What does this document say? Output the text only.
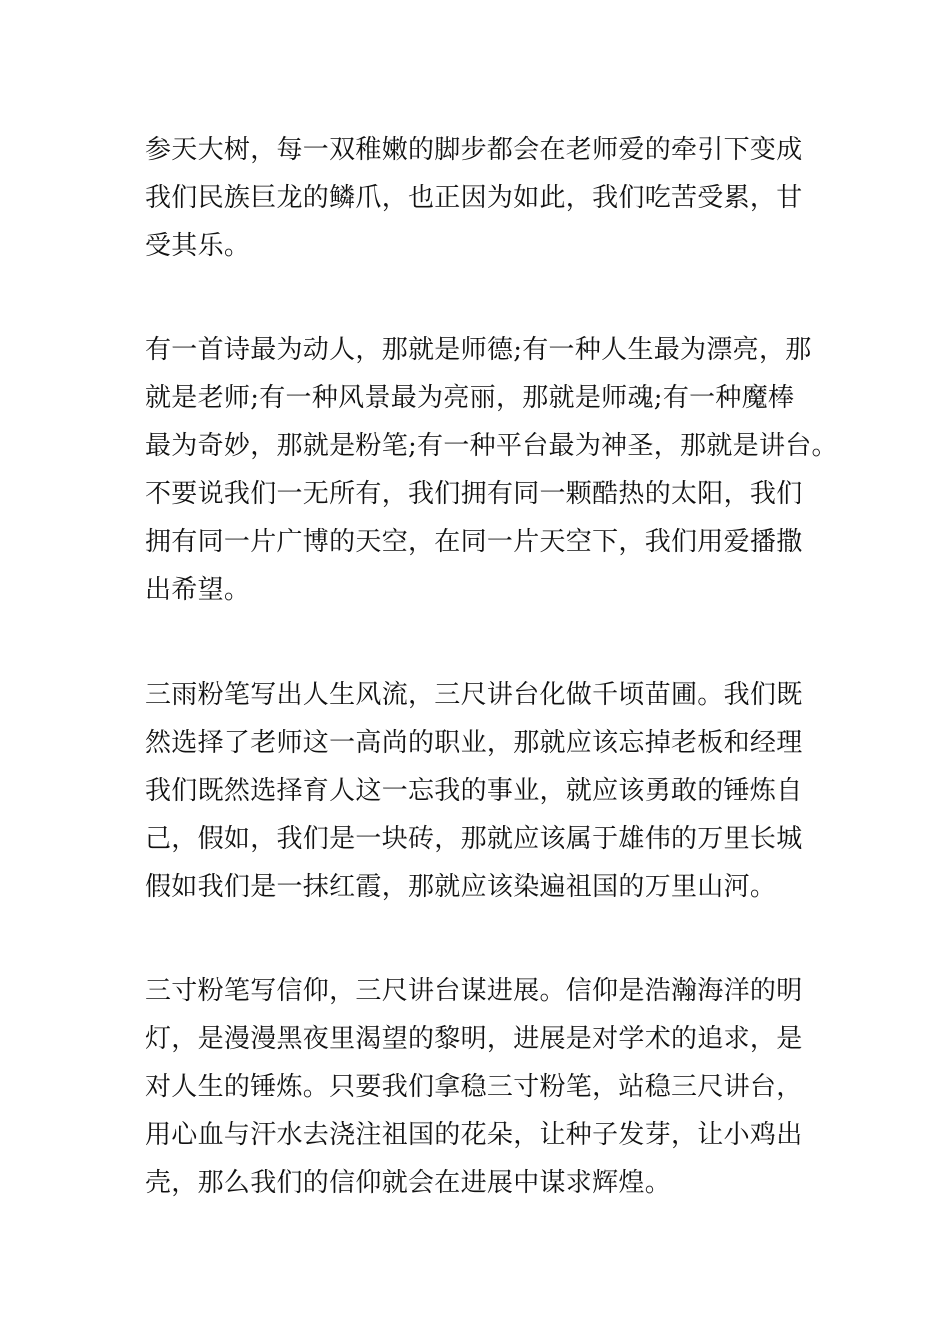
参天大树，每一双稚嫩的脚步都会在老师爱的牵引下变成

我们民族巨龙的鳞爪，也正因为如此，我们吃苦受累，甘

受其乐。

有一首诗最为动人，那就是师德;有一种人生最为漂亮，那

就是老师;有一种风景最为亮丽，那就是师魂;有一种魔棒

最为奇妙，那就是粉笔;有一种平台最为神圣，那就是讲台。

不要说我们一无所有，我们拥有同一颗酷热的太阳，我们

拥有同一片广博的天空，在同一片天空下，我们用爱播撒

出希望。

三雨粉笔写出人生风流，三尺讲台化做千顷苗圃。我们既

然选择了老师这一高尚的职业，那就应该忘掉老板和经理

我们既然选择育人这一忘我的事业，就应该勇敢的锤炼自

己，假如，我们是一块砖，那就应该属于雄伟的万里长城

假如我们是一抹红霞，那就应该染遍祖国的万里山河。

三寸粉笔写信仰，三尺讲台谋进展。信仰是浩瀚海洋的明

灯，是漫漫黑夜里渴望的黎明，进展是对学术的追求，是

对人生的锤炼。只要我们拿稳三寸粉笔，站稳三尺讲台，

用心血与汗水去浇注祖国的花朵，让种子发芽，让小鸡出

壳，那么我们的信仰就会在进展中谋求辉煌。
